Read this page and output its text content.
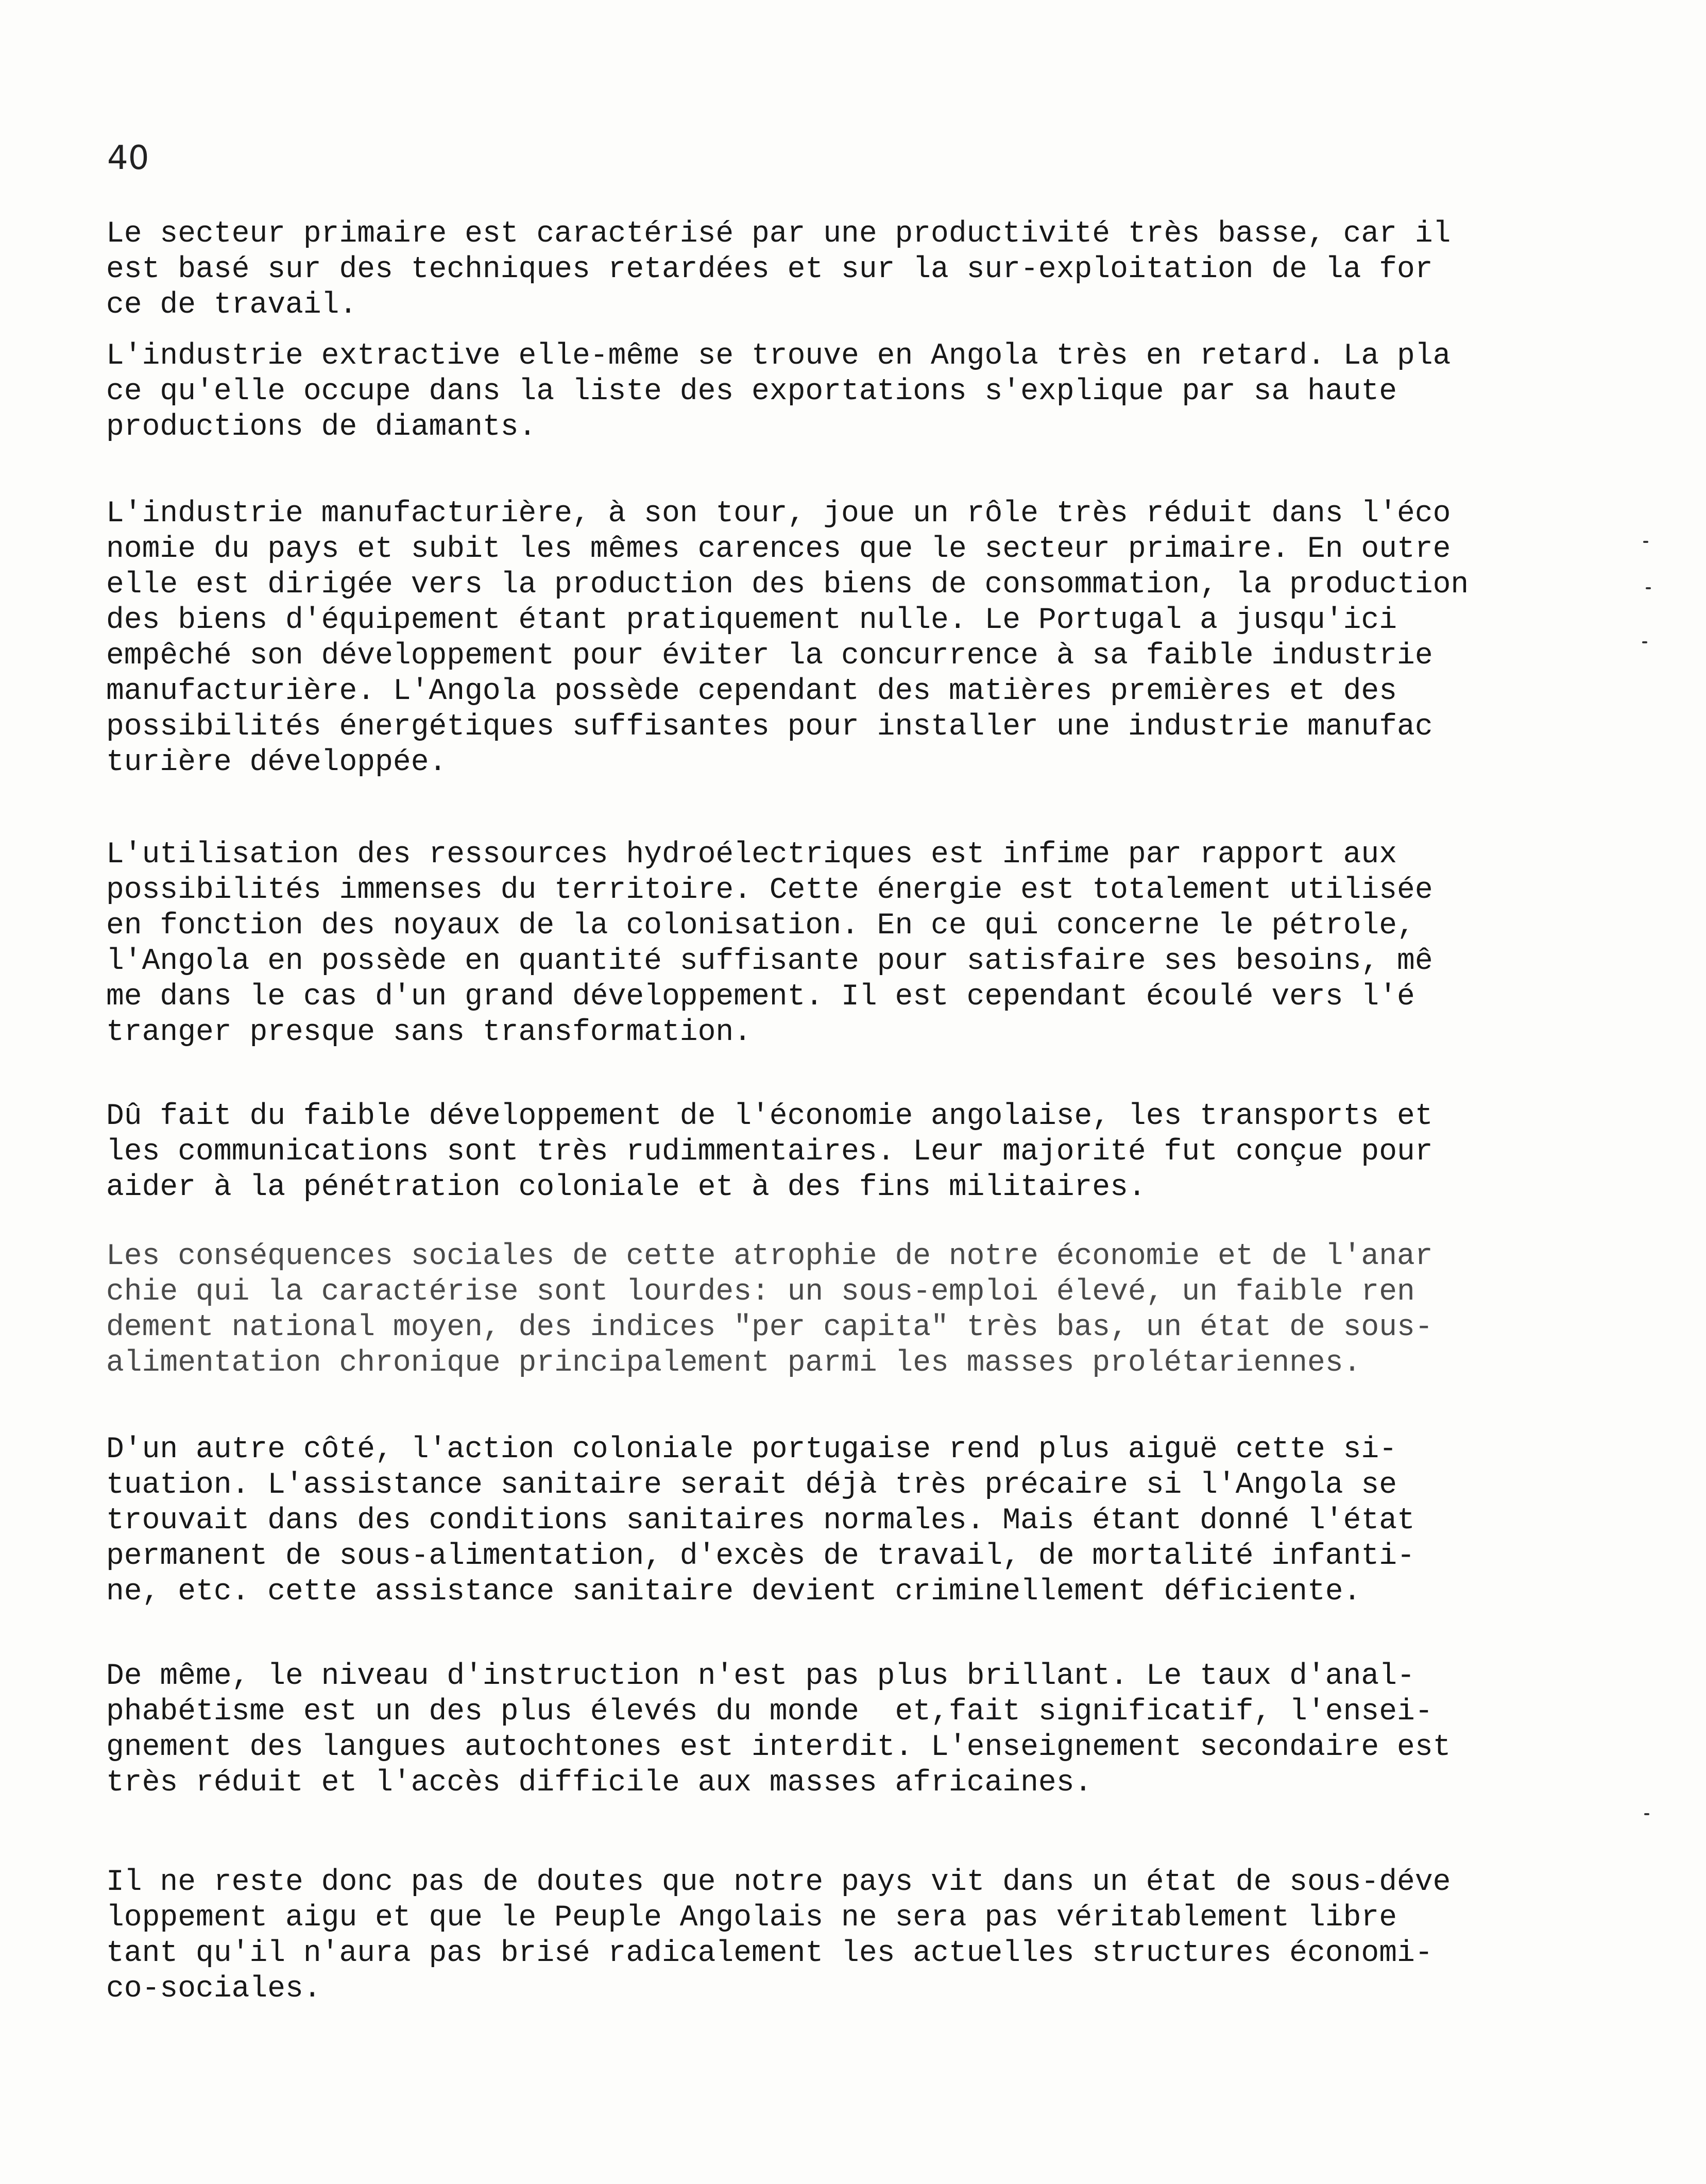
40
Le secteur primaire est caractérisé par une productivité très basse, car il
est basé sur des techniques retardées et sur la sur-exploitation de la for
ce de travail.
L'industrie extractive elle-même se trouve en Angola très en retard. La pla
ce qu'elle occupe dans la liste des exportations s'explique par sa haute
productions de diamants.
L'industrie manufacturière, à son tour, joue un rôle très réduit dans l'éco
nomie du pays et subit les mêmes carences que le secteur primaire. En outre
elle est dirigée vers la production des biens de consommation, la production
des biens d'équipement étant pratiquement nulle. Le Portugal a jusqu'ici
empêché son développement pour éviter la concurrence à sa faible industrie
manufacturière. L'Angola possède cependant des matières premières et des
possibilités énergétiques suffisantes pour installer une industrie manufac
turière développée.
L'utilisation des ressources hydroélectriques est infime par rapport aux
possibilités immenses du territoire. Cette énergie est totalement utilisée
en fonction des noyaux de la colonisation. En ce qui concerne le pétrole,
l'Angola en possède en quantité suffisante pour satisfaire ses besoins, mê
me dans le cas d'un grand développement. Il est cependant écoulé vers l'é
tranger presque sans transformation.
Dû fait du faible développement de l'économie angolaise, les transports et
les communications sont très rudimmentaires. Leur majorité fut conçue pour
aider à la pénétration coloniale et à des fins militaires.
Les conséquences sociales de cette atrophie de notre économie et de l'anar
chie qui la caractérise sont lourdes: un sous-emploi élevé, un faible ren
dement national moyen, des indices "per capita" très bas, un état de sous-
alimentation chronique principalement parmi les masses prolétariennes.
D'un autre côté, l'action coloniale portugaise rend plus aiguë cette si-
tuation. L'assistance sanitaire serait déjà très précaire si l'Angola se
trouvait dans des conditions sanitaires normales. Mais étant donné l'état
permanent de sous-alimentation, d'excès de travail, de mortalité infanti-
ne, etc. cette assistance sanitaire devient criminellement déficiente.
De même, le niveau d'instruction n'est pas plus brillant. Le taux d'anal-
phabétisme est un des plus élevés du monde  et,fait significatif, l'ensei-
gnement des langues autochtones est interdit. L'enseignement secondaire est
très réduit et l'accès difficile aux masses africaines.
Il ne reste donc pas de doutes que notre pays vit dans un état de sous-déve
loppement aigu et que le Peuple Angolais ne sera pas véritablement libre
tant qu'il n'aura pas brisé radicalement les actuelles structures économi-
co-sociales.
